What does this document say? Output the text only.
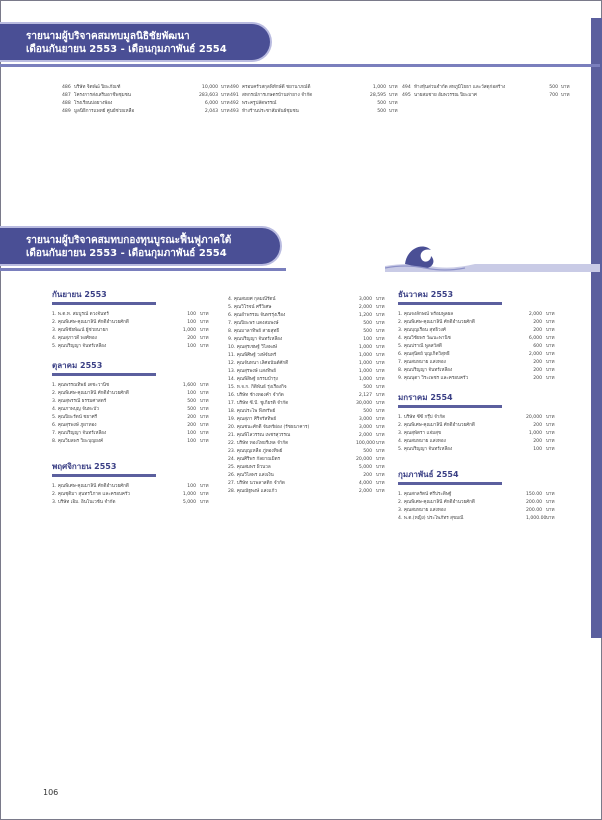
รายนามผู้บริจาคสมทบมูลนิธิชัยพัฒนา
เดือนกันยายน 2553 - เดือนกุมภาพันธ์ 2554
486 บริษัท จิตพัฒ์ ปิยะภัณฑ์	10,000 บาท
487 โครงการส่งเสริมอาชีพชุมชน	283,603 บาท
488 โรงเรียนบ่อยางพ้อง	6,000 บาท
489 มูลนิธิการแพทย์ ศูนย์ช่วยเหลือ	2,043 บาท
490 ครอบครัวสกุลพิทักษ์ดี ชยานาภณ์ดี	1,000 บาท
491 สหกรณ์การเกษตรบ้านท่ายาง จำกัด	28,595 บาท
492 พระครูปลัดพรรณ์	500 บาท
493 ห้างร้านประชาสัมพันธ์ชุมชน	500 บาท
494 ห้างหุ้นส่วนจำกัด สหภูมิโยธา และวัสดุก่อสร้าง	500 บาท
495 นายสมชาย อัมพวรรณ ปิยะมาศ	700 บาท
รายนามผู้บริจาคสมทบกองทุนบูรณะฟื้นฟูภาคใต้
เดือนกันยายน 2553 - เดือนกุมภาพันธ์ 2554
กันยายน 2553
1. พ.ต.ท. สมบูรณ์ ดวงจันทร์	100 บาท
2. คุณพิเศษ-คุณมาลินี ศักดิ์อำนวยศักดิ์	100 บาท
3. คุณพิชัยพัฒน์ ผู้ช่วยนายก	1,000 บาท
4. คุณสุภาวดี พงศ์ทอง	200 บาท
5. คุณปริญญา จันทร์เหลือง	100 บาท
ตุลาคม 2553
1. คุณพรรณทิพย์ เตชะวานิช	1,600 บาท
2. คุณพิเศษ-คุณมาลินี ศักดิ์อำนวยศักดิ์	100 บาท
3. คุณสุพรรณี ธรรมศาสตร์	500 บาท
4. คุณภาพบุญ จันทะบัว	500 บาท
5. คุณปิยะรัตน์ ชยาศรี	200 บาท
6. คุณสุรพงษ์ ภูผาทอง	200 บาท
7. คุณปริญญา จันทร์เหลือง	100 บาท
8. คุณวิมลพร วิยะบุญยงค์	100 บาท
พฤศจิกายน 2553
1. คุณพิเศษ-คุณมาลินี ศักดิ์อำนวยศักดิ์	100 บาท
2. คุณชุติมา สุนทรวิภาต และครอบครัว	1,000 บาท
3. บริษัท เอ็ม. อินโนเวชั่น จำกัด	5,000 บาท
4. คุณสมยศ กุลมณีรัตน์	3,000 บาท
5. คุณวิโรจน์ ศรีวิเศษ	2,000 บาท
6. คุณอำพรรณ จันทรรุ่งเรือง	1,200 บาท
7. คุณปิยะพร แดงสมพงษ์	500 บาท
8. คุณมาลาทิพย์ สายสุทธิ์	500 บาท
9. คุณปริญญา จันทร์เหลือง	100 บาท
10. คุณสุรเชษฐ์ วิไลพงษ์	1,000 บาท
11. คุณพิศิษฐ์ วงษ์จันทร์	1,000 บาท
12. คุณจันทนา เลิศอนันต์ศักดิ์	1,000 บาท
13. คุณสุรพงษ์ แสงทิพย์	1,000 บาท
14. คุณพิสิษฐ์ ธรรมบำรุง	1,000 บาท
15. ห.จ.ก. กิติพันธ์ รุ่งเรืองกิจ	500 บาท
16. บริษัท ช้างทองคำ จำกัด	2,127 บาท
17. บริษัท ซี.บี. ชูเกียรติ จำกัด	30,000 บาท
18. คุณประไพ พึ่งทรัพย์	500 บาท
19. คุณสุภา ศิริจรัสทิพย์	3,000 บาท
20. คุณชนะศักดิ์ จันทร์ผ่อง (รัชธนาคาร)	3,000 บาท
21. คุณพิไลวรรณ เพชรสุวรรณ	2,000 บาท
22. บริษัท ทองไทยรีเทล จำกัด	100,000 บาท
23. คุณบุญเหลือ ภู่ทองทิพย์	500 บาท
24. คุณศิริพร กัลยาณมิตร	20,000 บาท
25. คุณสมพร ผิวนวล	5,000 บาท
26. คุณวิไลพร แสงเงิน	200 บาท
27. บริษัท นวพลาสติก จำกัด	4,000 บาท
28. คุณณัฐพงษ์ แสงแก้ว	2,000 บาท
ธันวาคม 2553
1. คุณจงลักษณ์ พร้อมพูลผล	2,000 บาท
2. คุณพิเศษ-คุณมาลินี ศักดิ์อำนวยศักดิ์	200 บาท
3. คุณบุญเรือน สุทธิวงศ์	200 บาท
4. คุณวิชัยพร วัฒนะพานิช	6,000 บาท
5. คุณปราณี พูลสวัสดิ์	600 บาท
6. คุณสุนิตย์ บุญเกิดวิสุทธิ์	2,000 บาท
7. คุณสมหมาย แสงทอง	200 บาท
8. คุณปริญญา จันทร์เหลือง	200 บาท
9. คุณนุดา วิระเพชร และครอบครัว	200 บาท
มกราคม 2554
1. บริษัท ซีซี กรุ๊ป จำกัด	20,000 บาท
2. คุณพิเศษ-คุณมาลินี ศักดิ์อำนวยศักดิ์	200 บาท
3. คุณสุพัตรา แจ่มสุข	1,000 บาท
4. คุณสมหมาย แสงทอง	200 บาท
5. คุณปริญญา จันทร์เหลือง	100 บาท
กุมภาพันธ์ 2554
1. คุณสกลรัตน์ ศรีประดิษฐ์	150.00 บาท
2. คุณพิเศษ-คุณมาลินี ศักดิ์อำนวยศักดิ์	200.00 บาท
3. คุณสมหมาย แสงทอง	200.00 บาท
4. พ.ต.(หญิง) ประไพภัทร สุขมณี	1,000.00 บาท
106
